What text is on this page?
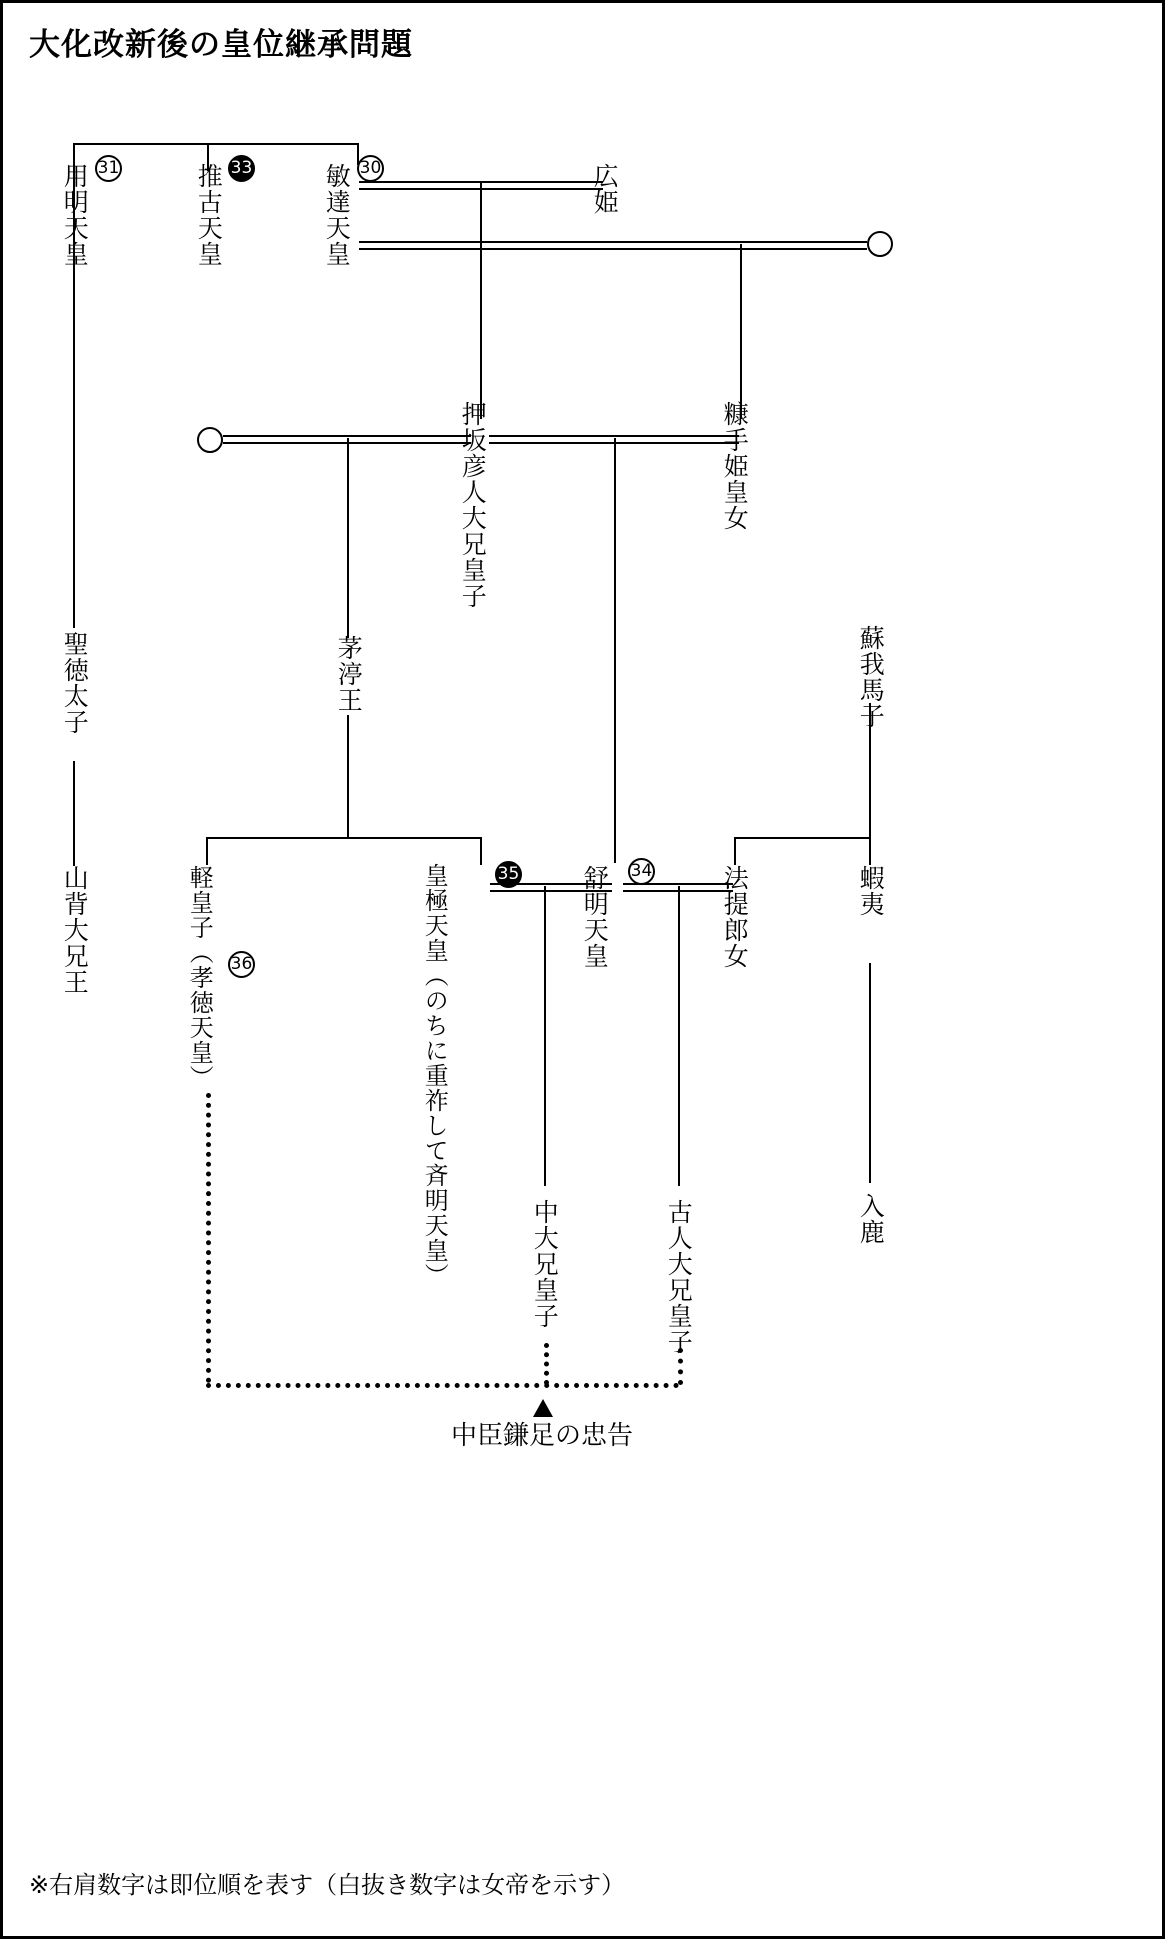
大化改新後の皇位継承問題
用明天皇 31	推古天皇 33	敏達天皇 30	広姫
聖徳太子
山背大兄王
押坂彦人大兄皇子	糠手姫皇女
茅渟王
軽皇子（孝徳天皇） 36	皇極天皇（のちに重祚して斉明天皇）	35 舒明天皇 34	法提郎女
蘇我馬子
蝦夷
入鹿
中大兄皇子	古人大兄皇子
中臣鎌足の忠告
※右肩数字は即位順を表す（白抜き数字は女帝を示す）
